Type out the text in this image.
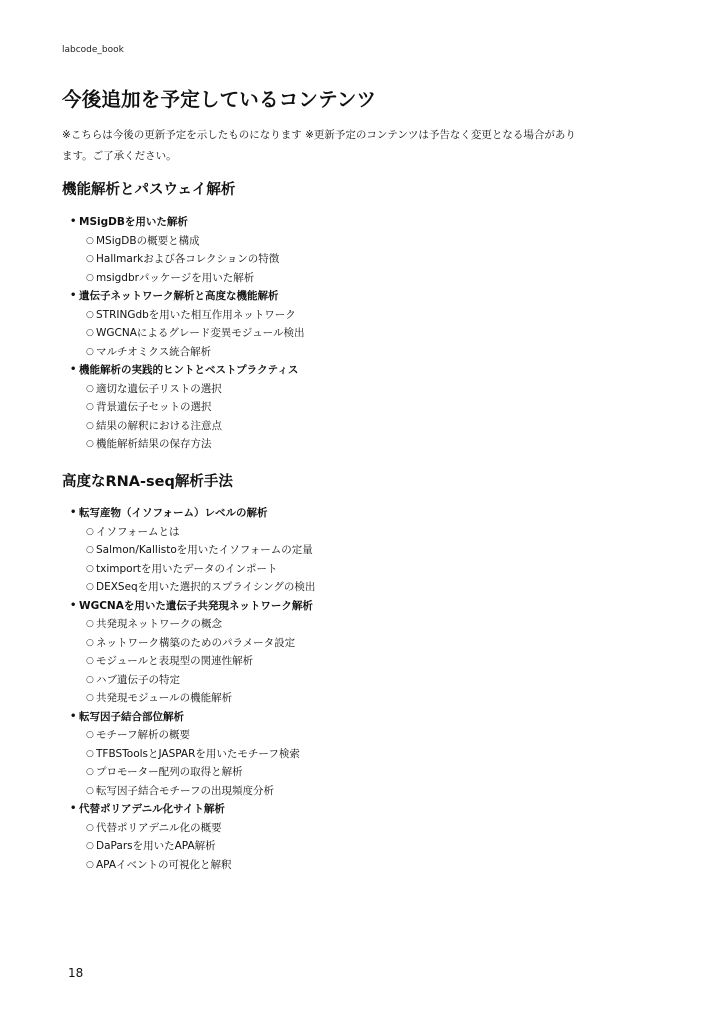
labcode_book
今後追加を予定しているコンテンツ

※こちらは今後の更新予定を示したものになります ※更新予定のコンテンツは予告なく変更となる場合があり
ます。ご了承ください。

機能解析とパスウェイ解析
• MSigDBを用いた解析
○ MSigDBの概要と構成
○ Hallmarkおよび各コレクションの特徴
○ msigdbrパッケージを用いた解析
• 遺伝子ネットワーク解析と高度な機能解析
○ STRINGdbを用いた相互作用ネットワーク
○ WGCNAによるグレード変異モジュール検出
○ マルチオミクス統合解析
• 機能解析の実践的ヒントとベストプラクティス
○ 適切な遺伝子リストの選択
○ 背景遺伝子セットの選択
○ 結果の解釈における注意点
○ 機能解析結果の保存方法
高度なRNA-seq解析手法
• 転写産物（イソフォーム）レベルの解析
○ イソフォームとは
○ Salmon/Kallistoを用いたイソフォームの定量
○ tximportを用いたデータのインポート
○ DEXSeqを用いた選択的スプライシングの検出
• WGCNAを用いた遺伝子共発現ネットワーク解析
○ 共発現ネットワークの概念
○ ネットワーク構築のためのパラメータ設定
○ モジュールと表現型の関連性解析
○ ハブ遺伝子の特定
○ 共発現モジュールの機能解析
• 転写因子結合部位解析
○ モチーフ解析の概要
○ TFBSToolsとJASPARを用いたモチーフ検索
○ プロモーター配列の取得と解析
○ 転写因子結合モチーフの出現頻度分析
• 代替ポリアデニル化サイト解析
○ 代替ポリアデニル化の概要
○ DaParsを用いたAPA解析
○ APAイベントの可視化と解釈
18
